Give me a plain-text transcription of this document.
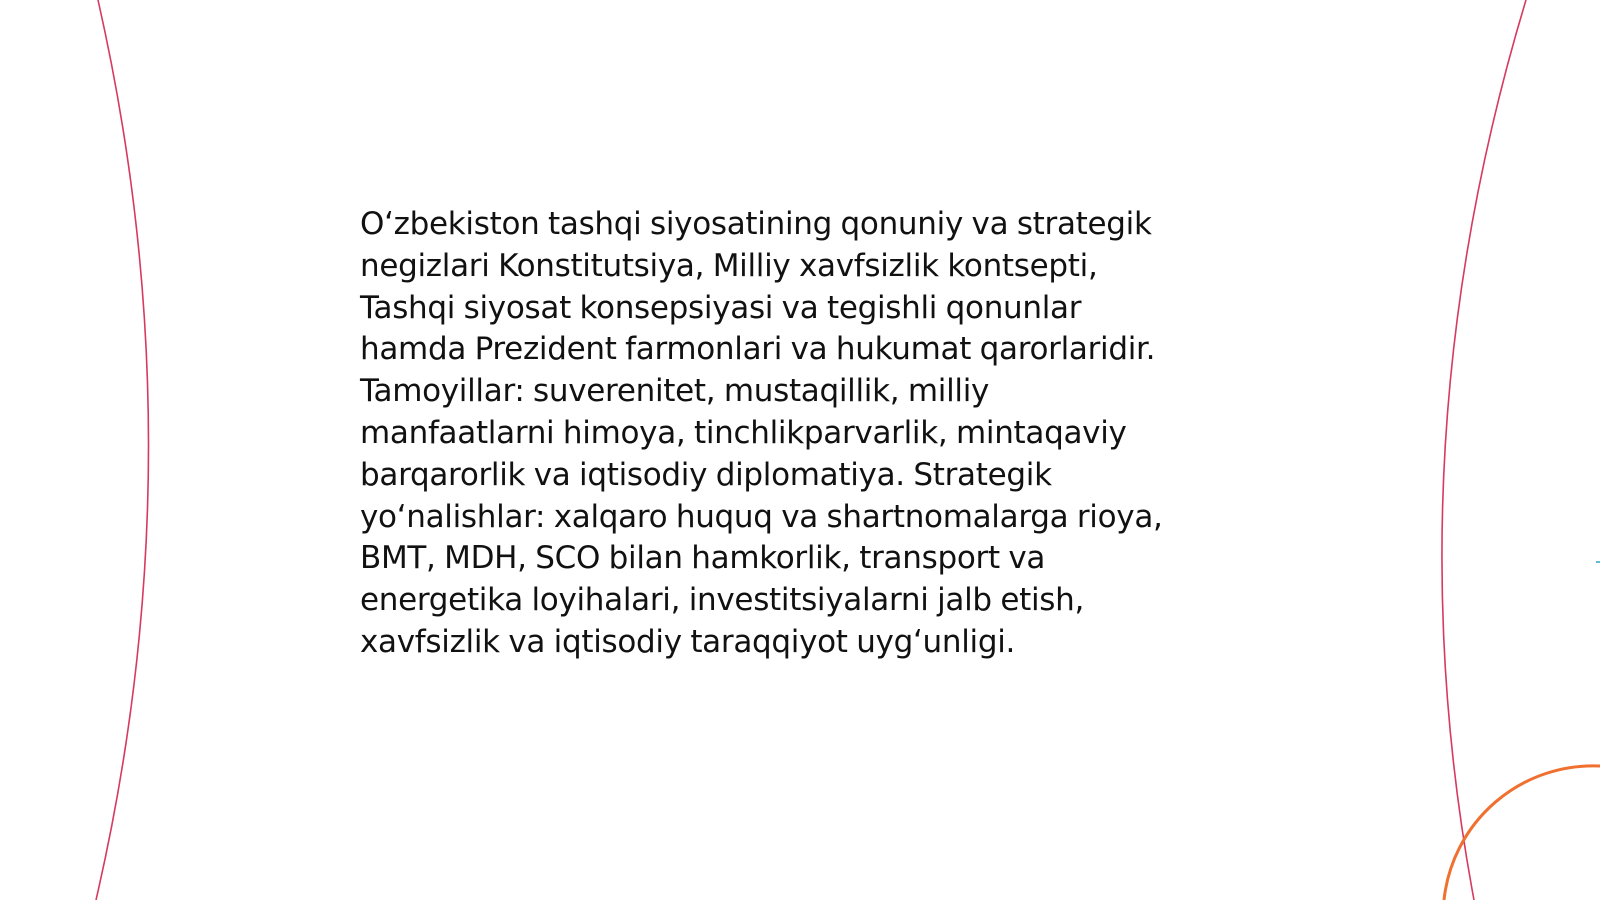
O‘zbekiston tashqi siyosatining qonuniy va strategik
negizlari Konstitutsiya, Milliy xavfsizlik kontsepti,
Tashqi siyosat konsepsiyasi va tegishli qonunlar
hamda Prezident farmonlari va hukumat qarorlaridir.
Tamoyillar: suverenitet, mustaqillik, milliy
manfaatlarni himoya, tinchlikparvarlik, mintaqaviy
barqarorlik va iqtisodiy diplomatiya. Strategik
yo‘nalishlar: xalqaro huquq va shartnomalarga rioya,
BMT, MDH, SCO bilan hamkorlik, transport va
energetika loyihalari, investitsiyalarni jalb etish,
xavfsizlik va iqtisodiy taraqqiyot uyg‘unligi.
